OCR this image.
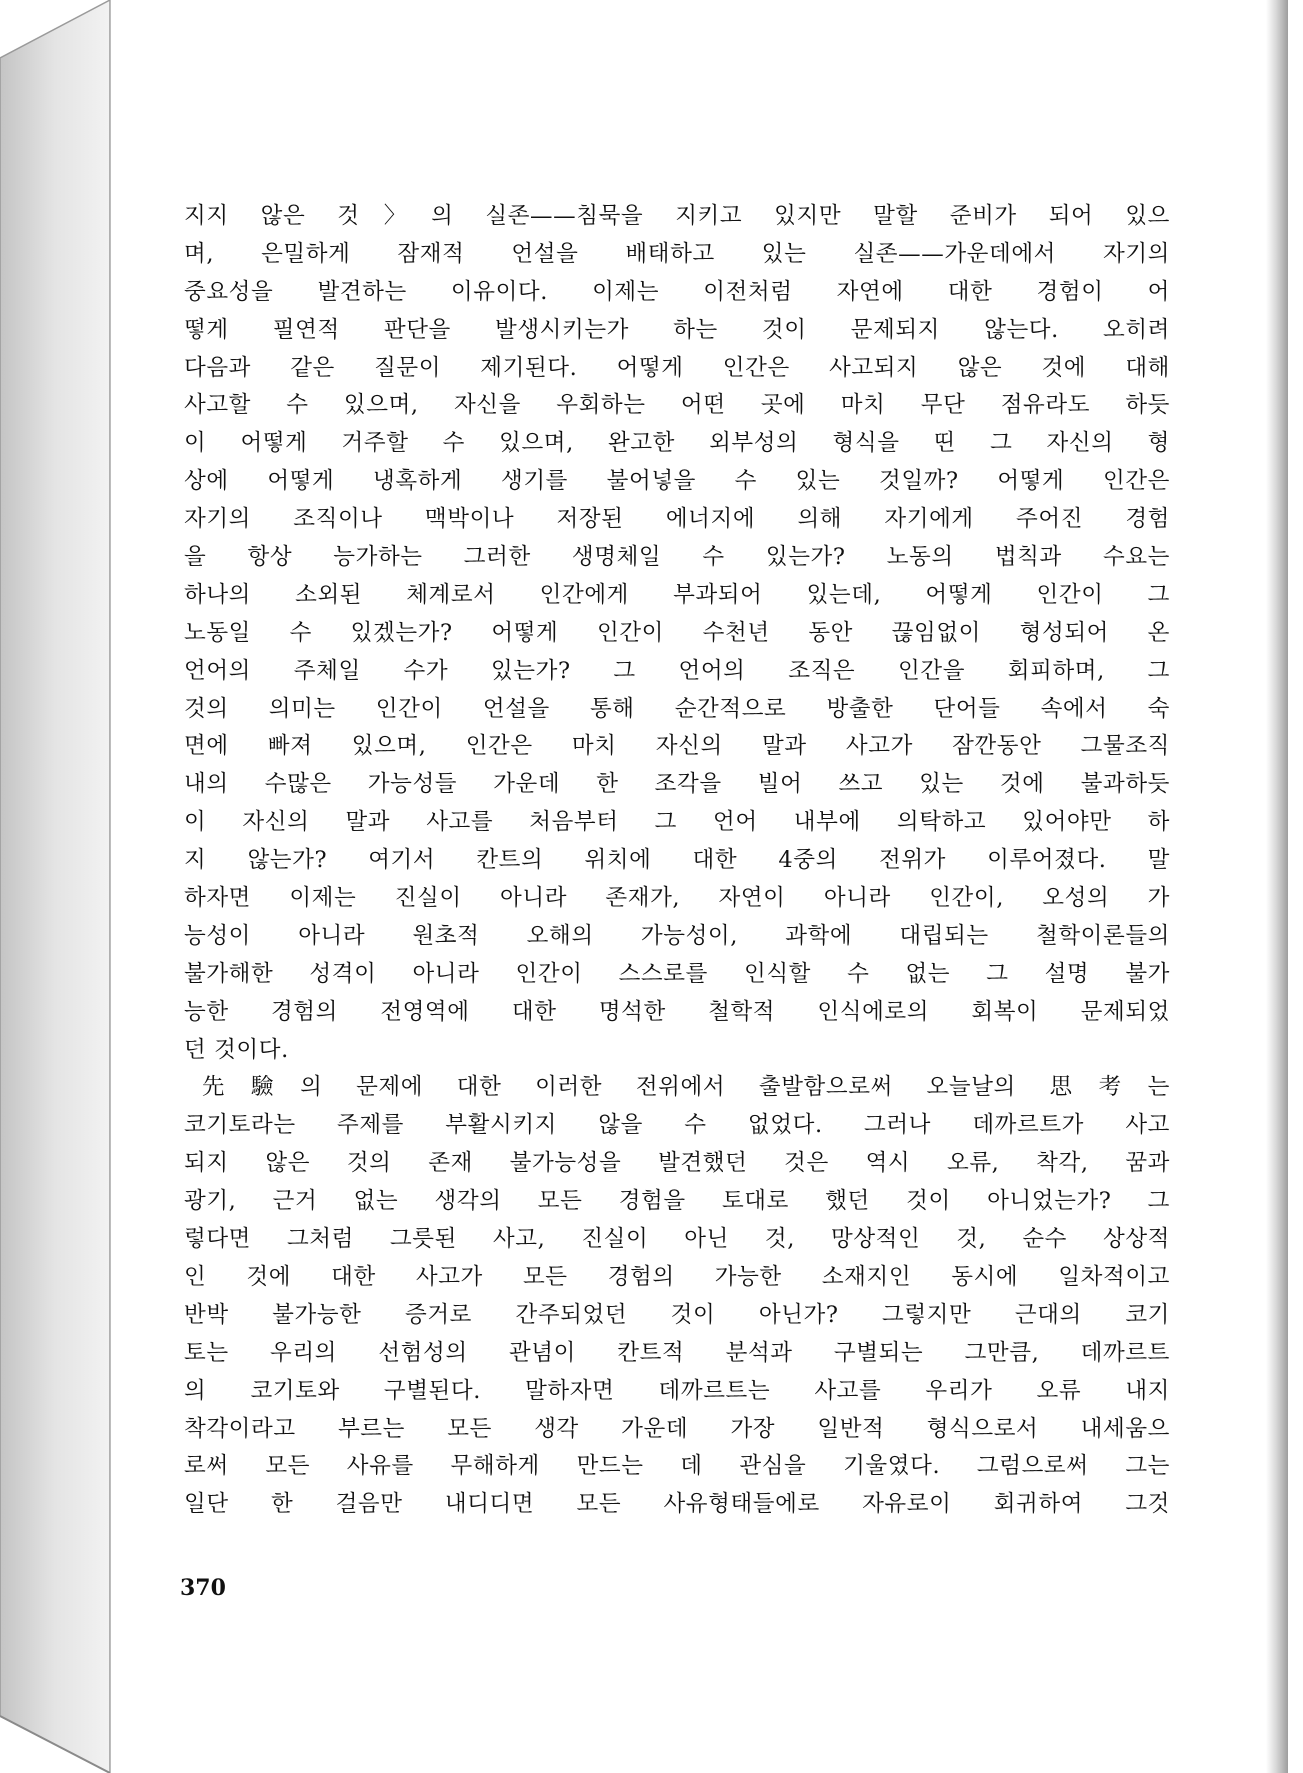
지지 않은 것〉의 실존——침묵을 지키고 있지만 말할 준비가 되어 있으
며, 은밀하게 잠재적 언설을 배태하고 있는 실존——가운데에서 자기의
중요성을 발견하는 이유이다. 이제는 이전처럼 자연에 대한 경험이 어
떻게 필연적 판단을 발생시키는가 하는 것이 문제되지 않는다. 오히려
다음과 같은 질문이 제기된다. 어떻게 인간은 사고되지 않은 것에 대해
사고할 수 있으며, 자신을 우회하는 어떤 곳에 마치 무단 점유라도 하듯
이 어떻게 거주할 수 있으며, 완고한 외부성의 형식을 띤 그 자신의 형
상에 어떻게 냉혹하게 생기를 불어넣을 수 있는 것일까? 어떻게 인간은
자기의 조직이나 맥박이나 저장된 에너지에 의해 자기에게 주어진 경험
을 항상 능가하는 그러한 생명체일 수 있는가? 노동의 법칙과 수요는
하나의 소외된 체계로서 인간에게 부과되어 있는데, 어떻게 인간이 그
노동일 수 있겠는가? 어떻게 인간이 수천년 동안 끊임없이 형성되어 온
언어의 주체일 수가 있는가? 그 언어의 조직은 인간을 회피하며, 그
것의 의미는 인간이 언설을 통해 순간적으로 방출한 단어들 속에서 숙
면에 빠져 있으며, 인간은 마치 자신의 말과 사고가 잠깐동안 그물조직
내의 수많은 가능성들 가운데 한 조각을 빌어 쓰고 있는 것에 불과하듯
이 자신의 말과 사고를 처음부터 그 언어 내부에 의탁하고 있어야만 하
지 않는가? 여기서 칸트의 위치에 대한 4중의 전위가 이루어졌다. 말
하자면 이제는 진실이 아니라 존재가, 자연이 아니라 인간이, 오성의 가
능성이 아니라 원초적 오해의 가능성이, 과학에 대립되는 철학이론들의
불가해한 성격이 아니라 인간이 스스로를 인식할 수 없는 그 설명 불가
능한 경험의 전영역에 대한 명석한 철학적 인식에로의 회복이 문제되었
던 것이다.
先驗의 문제에 대한 이러한 전위에서 출발함으로써 오늘날의 思考는
코기토라는 주제를 부활시키지 않을 수 없었다. 그러나 데까르트가 사고
되지 않은 것의 존재 불가능성을 발견했던 것은 역시 오류, 착각, 꿈과
광기, 근거 없는 생각의 모든 경험을 토대로 했던 것이 아니었는가? 그
렇다면 그처럼 그릇된 사고, 진실이 아닌 것, 망상적인 것, 순수 상상적
인 것에 대한 사고가 모든 경험의 가능한 소재지인 동시에 일차적이고
반박 불가능한 증거로 간주되었던 것이 아닌가? 그렇지만 근대의 코기
토는 우리의 선험성의 관념이 칸트적 분석과 구별되는 그만큼, 데까르트
의 코기토와 구별된다. 말하자면 데까르트는 사고를 우리가 오류 내지
착각이라고 부르는 모든 생각 가운데 가장 일반적 형식으로서 내세움으
로써 모든 사유를 무해하게 만드는 데 관심을 기울였다. 그럼으로써 그는
일단 한 걸음만 내디디면 모든 사유형태들에로 자유로이 회귀하여 그것
370
